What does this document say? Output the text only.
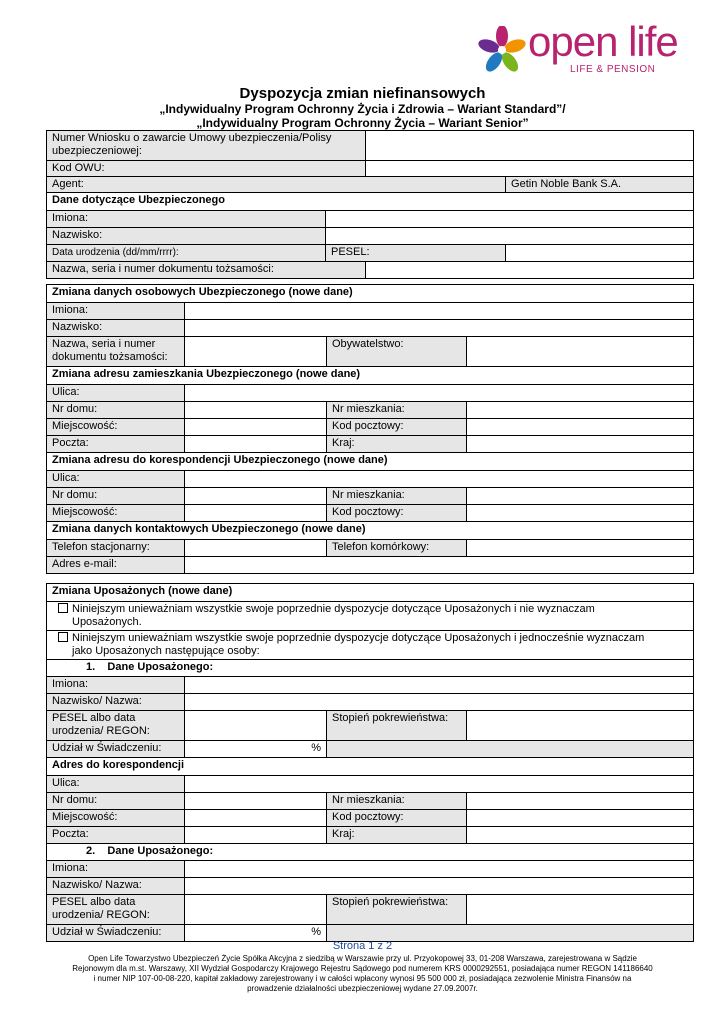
open life
LIFE & PENSION
Dyspozycja zmian niefinansowych
„Indywidualny Program Ochronny Życia i Zdrowia – Wariant Standard”/
„Indywidualny Program Ochronny Życia – Wariant Senior”
Numer Wniosku o zawarcie Umowy ubezpieczenia/Polisy
ubezpieczeniowej:			
Kod OWU:			
Agent:			Getin Noble Bank S.A.
Dane dotyczące Ubezpieczonego			
Imiona:			
Nazwisko:			
Data urodzenia (dd/mm/rrrr):	PESEL:		
Nazwa, seria i numer dokumentu tożsamości:			
Zmiana danych osobowych Ubezpieczonego (nowe dane)			
Imiona:			
Nazwisko:			
Nazwa, seria i numer
dokumentu tożsamości:		Obywatelstwo:	
Zmiana adresu zamieszkania Ubezpieczonego (nowe dane)			
Ulica:			
Nr domu:		Nr mieszkania:	
Miejscowość:		Kod pocztowy:	
Poczta:		Kraj:	
Zmiana adresu do korespondencji Ubezpieczonego (nowe dane)			
Ulica:			
Nr domu:		Nr mieszkania:	
Miejscowość:		Kod pocztowy:	
Zmiana danych kontaktowych Ubezpieczonego (nowe dane)			
Telefon stacjonarny:		Telefon komórkowy:	
Adres e-mail:			
Zmiana Uposażonych (nowe dane)			
Niniejszym unieważniam wszystkie swoje poprzednie dyspozycje dotyczące Uposażonych i nie wyznaczam
Uposażonych.			
Niniejszym unieważniam wszystkie swoje poprzednie dyspozycje dotyczące Uposażonych i jednocześnie wyznaczam
jako Uposażonych następujące osoby:			
1. Dane Uposażonego:			
Imiona:			
Nazwisko/ Nazwa:			
PESEL albo data
urodzenia/ REGON:		Stopień pokrewieństwa:	
Udział w Świadczeniu:	%		
Adres do korespondencji			
Ulica:			
Nr domu:		Nr mieszkania:	
Miejscowość:		Kod pocztowy:	
Poczta:		Kraj:	
2. Dane Uposażonego:			
Imiona:			
Nazwisko/ Nazwa:			
PESEL albo data
urodzenia/ REGON:		Stopień pokrewieństwa:	
Udział w Świadczeniu:	%		
Strona 1 z 2
Open Life Towarzystwo Ubezpieczeń Życie Spółka Akcyjna z siedzibą w Warszawie przy ul. Przyokopowej 33, 01-208 Warszawa, zarejestrowana w Sądzie
Rejonowym dla m.st. Warszawy, XII Wydział Gospodarczy Krajowego Rejestru Sądowego pod numerem KRS 0000292551, posiadająca numer REGON 141186640
i numer NIP 107-00-08-220, kapitał zakładowy zarejestrowany i w całości wpłacony wynosi 95 500 000 zł, posiadająca zezwolenie Ministra Finansów na
prowadzenie działalności ubezpieczeniowej wydane 27.09.2007r.
